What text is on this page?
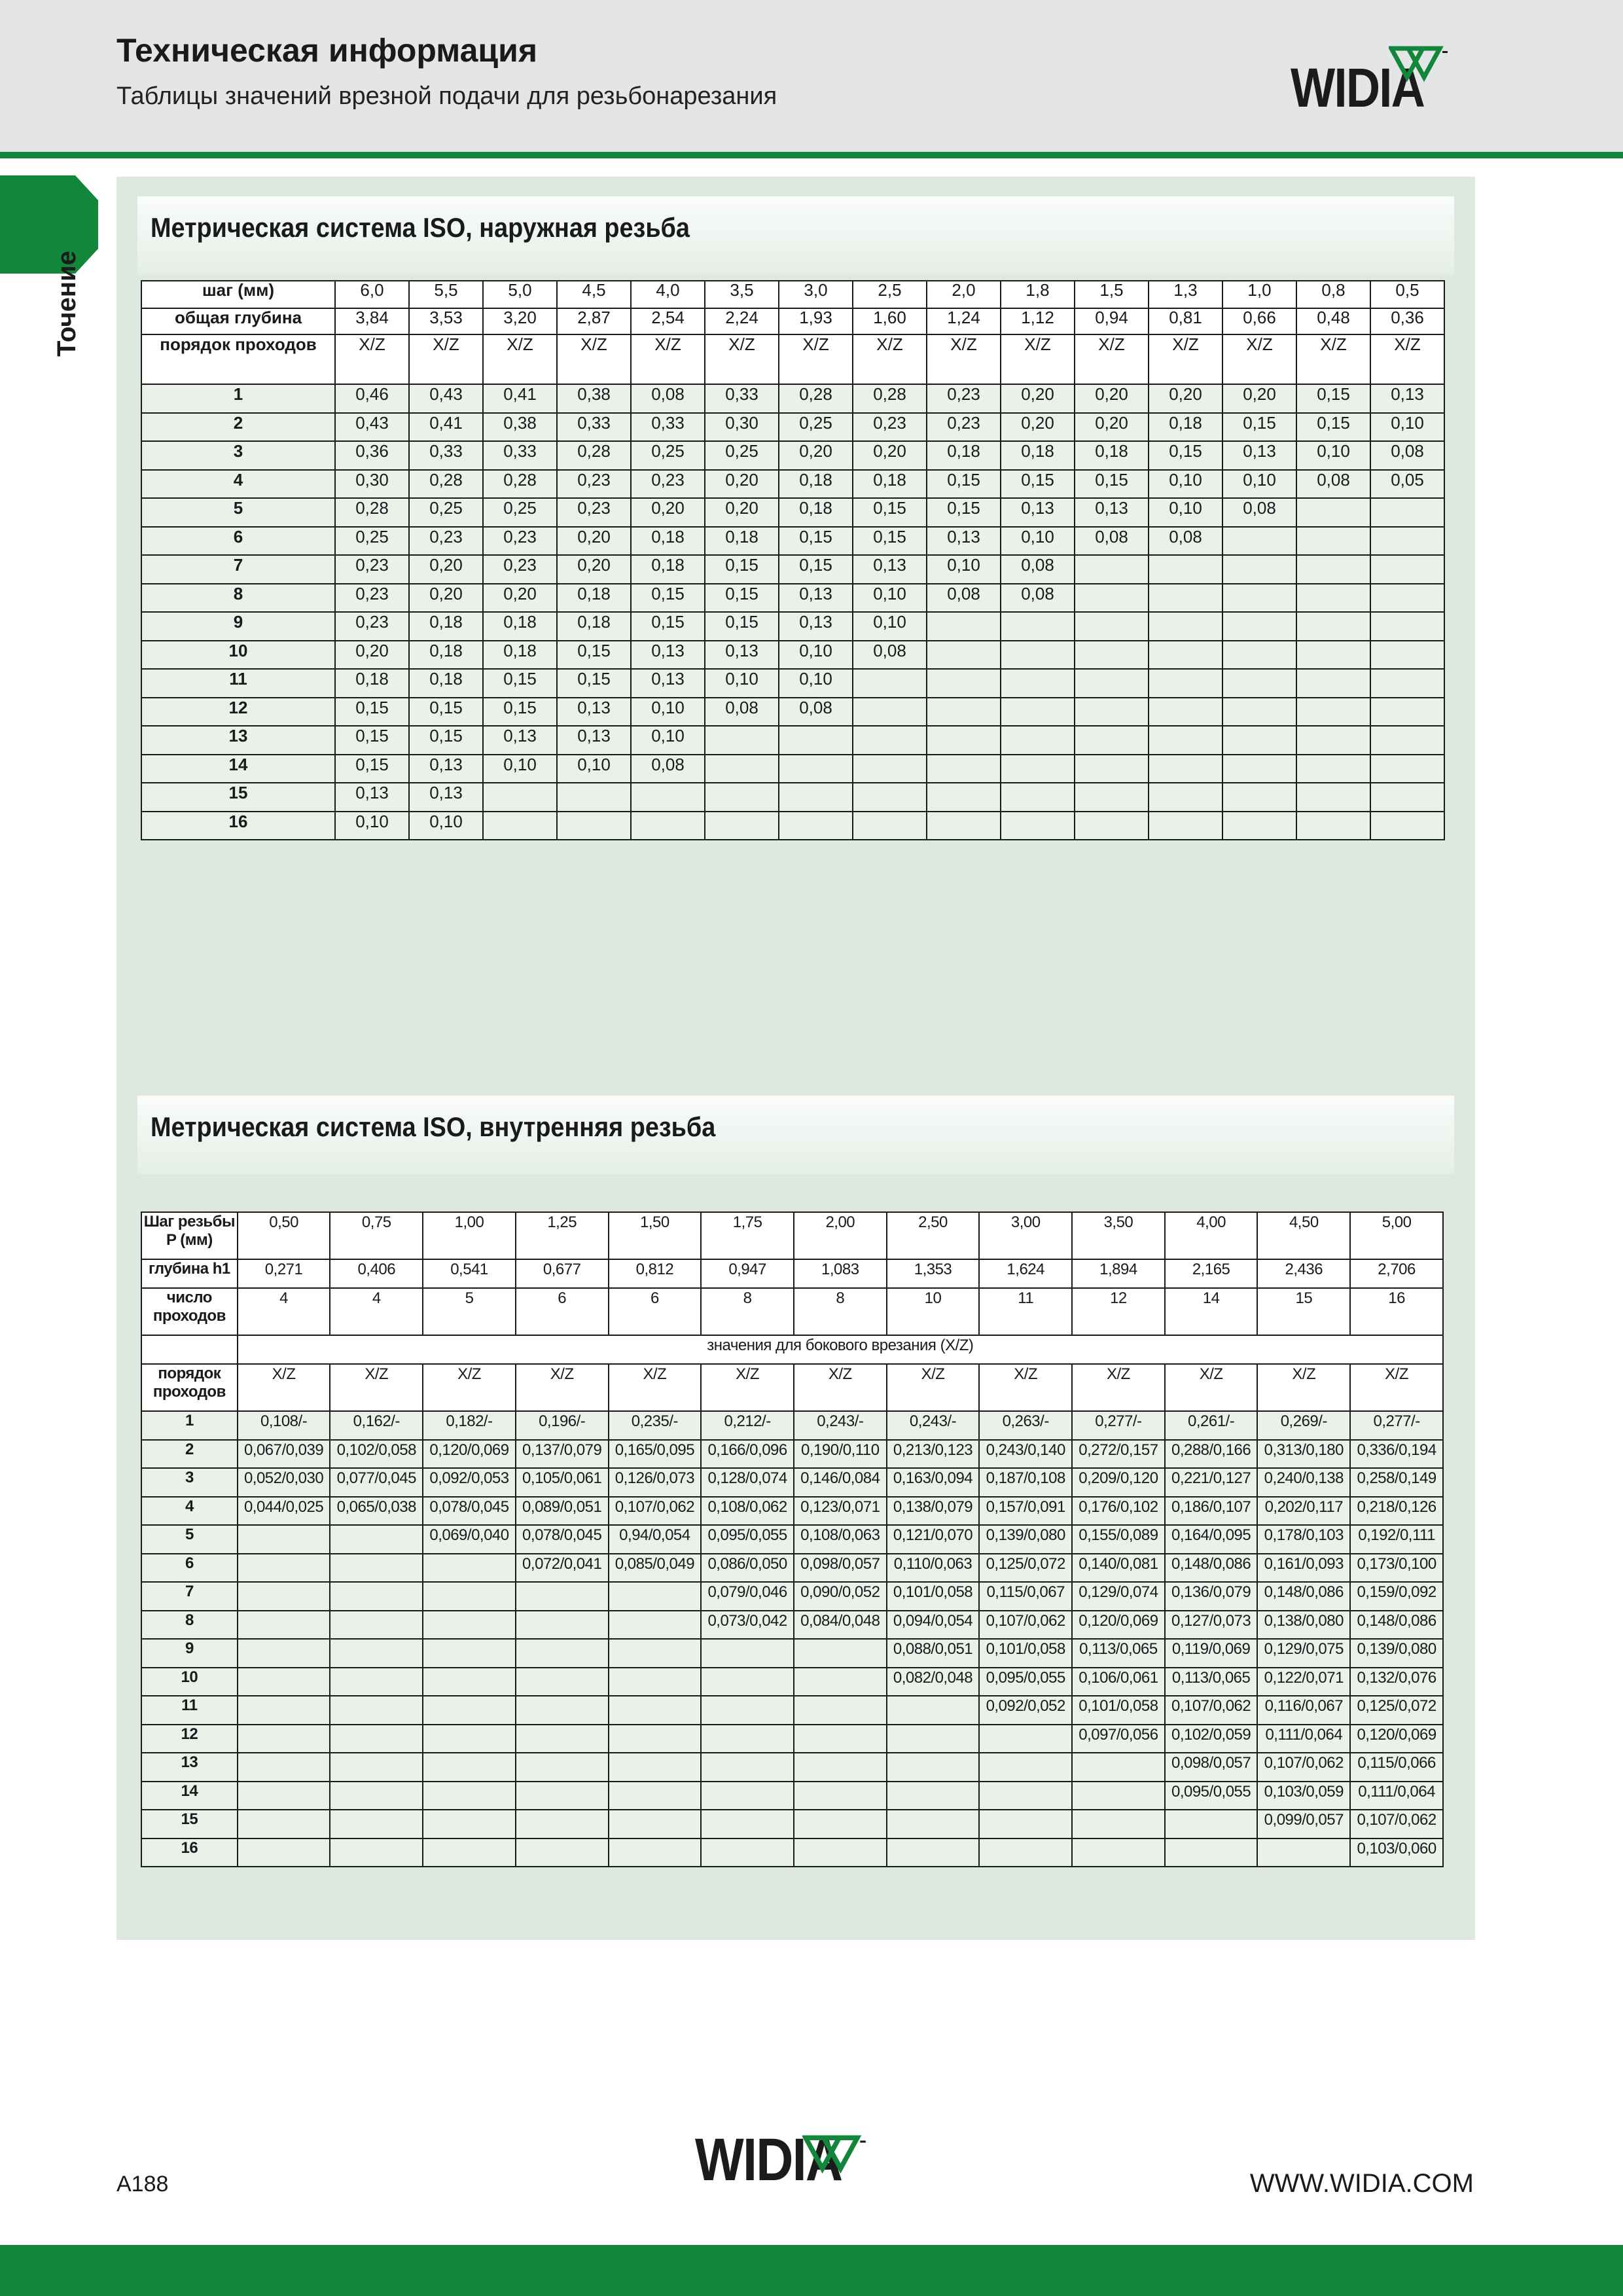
Техническая информация
Таблицы значений врезной подачи для резьбонарезания	WIDIA
Точение
Метрическая система ISO, наружная резьба
шаг (мм)	6,0	5,5	5,0	4,5	4,0	3,5	3,0	2,5	2,0	1,8	1,5	1,3	1,0	0,8	0,5
общая глубина	3,84	3,53	3,20	2,87	2,54	2,24	1,93	1,60	1,24	1,12	0,94	0,81	0,66	0,48	0,36
порядок проходов	X/Z	X/Z	X/Z	X/Z	X/Z	X/Z	X/Z	X/Z	X/Z	X/Z	X/Z	X/Z	X/Z	X/Z	X/Z
1	0,46	0,43	0,41	0,38	0,08	0,33	0,28	0,28	0,23	0,20	0,20	0,20	0,20	0,15	0,13
2	0,43	0,41	0,38	0,33	0,33	0,30	0,25	0,23	0,23	0,20	0,20	0,18	0,15	0,15	0,10
3	0,36	0,33	0,33	0,28	0,25	0,25	0,20	0,20	0,18	0,18	0,18	0,15	0,13	0,10	0,08
4	0,30	0,28	0,28	0,23	0,23	0,20	0,18	0,18	0,15	0,15	0,15	0,10	0,10	0,08	0,05
5	0,28	0,25	0,25	0,23	0,20	0,20	0,18	0,15	0,15	0,13	0,13	0,10	0,08		
6	0,25	0,23	0,23	0,20	0,18	0,18	0,15	0,15	0,13	0,10	0,08	0,08			
7	0,23	0,20	0,23	0,20	0,18	0,15	0,15	0,13	0,10	0,08					
8	0,23	0,20	0,20	0,18	0,15	0,15	0,13	0,10	0,08	0,08					
9	0,23	0,18	0,18	0,18	0,15	0,15	0,13	0,10							
10	0,20	0,18	0,18	0,15	0,13	0,13	0,10	0,08							
11	0,18	0,18	0,15	0,15	0,13	0,10	0,10								
12	0,15	0,15	0,15	0,13	0,10	0,08	0,08								
13	0,15	0,15	0,13	0,13	0,10										
14	0,15	0,13	0,10	0,10	0,08										
15	0,13	0,13													
16	0,10	0,10													
Метрическая система ISO, внутренняя резьба
Шаг резьбы P (мм)	0,50	0,75	1,00	1,25	1,50	1,75	2,00	2,50	3,00	3,50	4,00	4,50	5,00
глубина h1	0,271	0,406	0,541	0,677	0,812	0,947	1,083	1,353	1,624	1,894	2,165	2,436	2,706
число проходов	4	4	5	6	6	8	8	10	11	12	14	15	16
	значения для бокового врезания (X/Z)												
порядок проходов	X/Z	X/Z	X/Z	X/Z	X/Z	X/Z	X/Z	X/Z	X/Z	X/Z	X/Z	X/Z	X/Z
1	0,108/-	0,162/-	0,182/-	0,196/-	0,235/-	0,212/-	0,243/-	0,243/-	0,263/-	0,277/-	0,261/-	0,269/-	0,277/-
2	0,067/0,039	0,102/0,058	0,120/0,069	0,137/0,079	0,165/0,095	0,166/0,096	0,190/0,110	0,213/0,123	0,243/0,140	0,272/0,157	0,288/0,166	0,313/0,180	0,336/0,194
3	0,052/0,030	0,077/0,045	0,092/0,053	0,105/0,061	0,126/0,073	0,128/0,074	0,146/0,084	0,163/0,094	0,187/0,108	0,209/0,120	0,221/0,127	0,240/0,138	0,258/0,149
4	0,044/0,025	0,065/0,038	0,078/0,045	0,089/0,051	0,107/0,062	0,108/0,062	0,123/0,071	0,138/0,079	0,157/0,091	0,176/0,102	0,186/0,107	0,202/0,117	0,218/0,126
5			0,069/0,040	0,078/0,045	0,94/0,054	0,095/0,055	0,108/0,063	0,121/0,070	0,139/0,080	0,155/0,089	0,164/0,095	0,178/0,103	0,192/0,111
6				0,072/0,041	0,085/0,049	0,086/0,050	0,098/0,057	0,110/0,063	0,125/0,072	0,140/0,081	0,148/0,086	0,161/0,093	0,173/0,100
7						0,079/0,046	0,090/0,052	0,101/0,058	0,115/0,067	0,129/0,074	0,136/0,079	0,148/0,086	0,159/0,092
8						0,073/0,042	0,084/0,048	0,094/0,054	0,107/0,062	0,120/0,069	0,127/0,073	0,138/0,080	0,148/0,086
9								0,088/0,051	0,101/0,058	0,113/0,065	0,119/0,069	0,129/0,075	0,139/0,080
10								0,082/0,048	0,095/0,055	0,106/0,061	0,113/0,065	0,122/0,071	0,132/0,076
11									0,092/0,052	0,101/0,058	0,107/0,062	0,116/0,067	0,125/0,072
12										0,097/0,056	0,102/0,059	0,111/0,064	0,120/0,069
13											0,098/0,057	0,107/0,062	0,115/0,066
14											0,095/0,055	0,103/0,059	0,111/0,064
15												0,099/0,057	0,107/0,062
16													0,103/0,060
A188	WIDIA	WWW.WIDIA.COM
